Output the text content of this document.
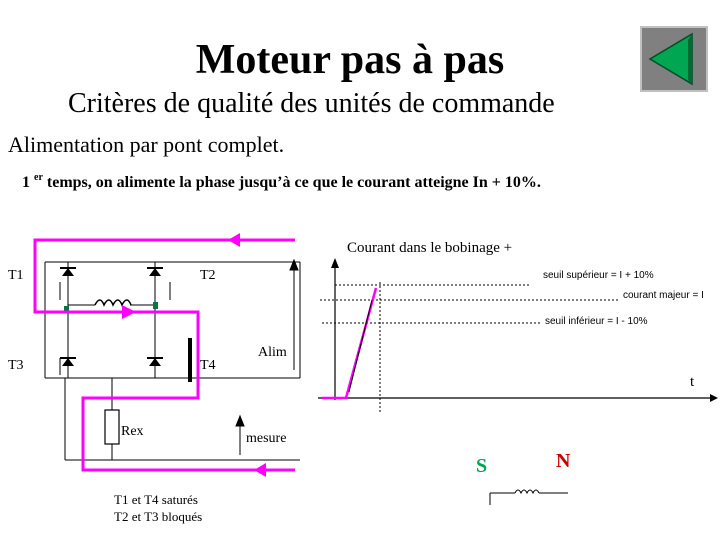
Moteur pas à pas
Critères de qualité des unités de commande
Alimentation par pont complet.
1 $^{er}$ temps, on alimente la phase jusqu’à ce que le courant atteigne In + 10%.
T1	T2
T3	T4
Rex
Alim
mesure
T1 et T4 saturés
T2 et T3 bloqués
Courant dans le bobinage +
seuil supérieur = I + 10%
courant majeur = I
seuil inférieur = I - 10%
t
S	N
